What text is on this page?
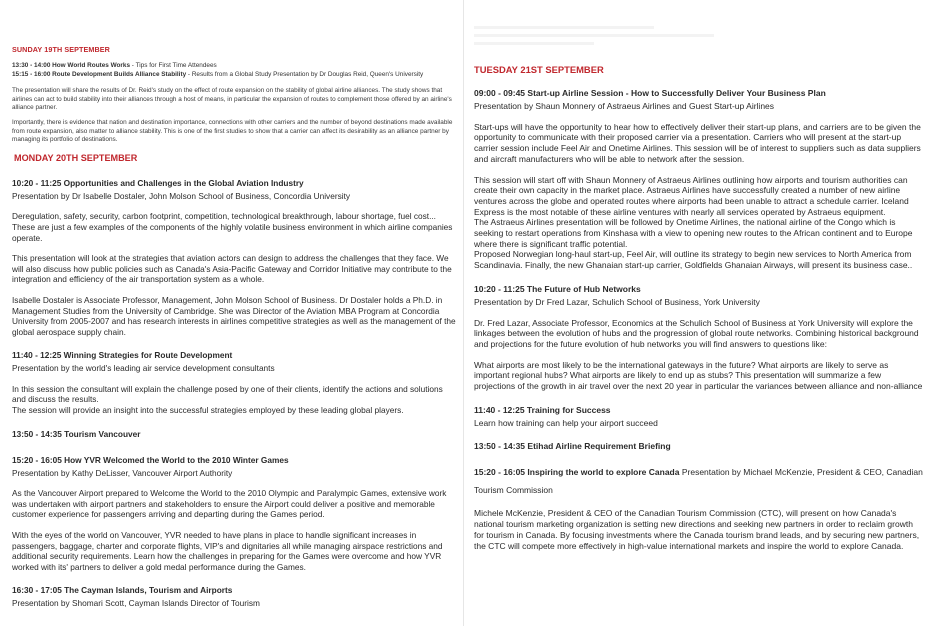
SUNDAY 19TH SEPTEMBER

13:30 - 14:00 How World Routes Works - Tips for First Time Attendees

15:15 - 16:00 Route Development Builds Alliance Stability - Results from a Global Study Presentation by Dr Douglas Reid, Queen's University

The presentation will share the results of Dr. Reid's study on the effect of route expansion on the stability of global airline alliances. The study shows that airlines can act to build stability into their alliances through a host of means, in particular the expansion of routes to complement those offered by an airline's alliance partner.

Importantly, there is evidence that nation and destination importance, connections with other carriers and the number of beyond destinations made available from route expansion, also matter to alliance stability. This is one of the first studies to show that a carrier can affect its desirability as an alliance partner by managing its portfolio of destinations.

MONDAY 20TH SEPTEMBER
10:20 - 11:25 Opportunities and Challenges in the Global Aviation Industry
Presentation by Dr Isabelle Dostaler, John Molson School of Business, Concordia University
Deregulation, safety, security, carbon footprint, competition, technological breakthrough, labour shortage, fuel cost... These are just a few examples of the components of the highly volatile business environment in which airline companies operate.
This presentation will look at the strategies that aviation actors can design to address the challenges that they face. We will also discuss how public policies such as Canada's Asia-Pacific Gateway and Corridor Initiative may contribute to the integration and efficiency of the air transportation system as a whole.
Isabelle Dostaler is Associate Professor, Management, John Molson School of Business. Dr Dostaler holds a Ph.D. in Management Studies from the University of Cambridge. She was Director of the Aviation MBA Program at Concordia University from 2005-2007 and has research interests in airlines competitive strategies as well as the management of the global aerospace supply chain.
11:40 - 12:25 Winning Strategies for Route Development
Presentation by the world's leading air service development consultants
In this session the consultant will explain the challenge posed by one of their clients, identify the actions and solutions and discuss the results.
The session will provide an insight into the successful strategies employed by these leading global players.
13:50 - 14:35 Tourism Vancouver
15:20 - 16:05 How YVR Welcomed the World to the 2010 Winter Games
Presentation by Kathy DeLisser, Vancouver Airport Authority
As the Vancouver Airport prepared to Welcome the World to the 2010 Olympic and Paralympic Games, extensive work was undertaken with airport partners and stakeholders to ensure the Airport could deliver a positive and memorable customer experience for passengers arriving and departing during the Games period.
With the eyes of the world on Vancouver, YVR needed to have plans in place to handle significant increases in passengers, baggage, charter and corporate flights, VIP's and dignitaries all while managing airspace restrictions and additional security requirements. Learn how the challenges in preparing for the Games were overcome and how YVR worked with its' partners to deliver a gold medal performance during the Games.
16:30 - 17:05 The Cayman Islands, Tourism and Airports
Presentation by Shomari Scott, Cayman Islands Director of Tourism
TUESDAY 21ST SEPTEMBER
09:00 - 09:45 Start-up Airline Session - How to Successfully Deliver Your Business Plan
Presentation by Shaun Monnery of Astraeus Airlines and Guest Start-up Airlines
Start-ups will have the opportunity to hear how to effectively deliver their start-up plans, and carriers are to be given the opportunity to communicate with their proposed carrier via a presentation. Carriers who will present at the start-up carrier session include Feel Air and Onetime Airlines. This session will be of interest to suppliers such as data suppliers and aircraft manufacturers who will be able to network after the session.
This session will start off with Shaun Monnery of Astraeus Airlines outlining how airports and tourism authorities can create their own capacity in the market place. Astraeus Airlines have successfully created a number of new airline ventures across the globe and operated routes where airports had been unable to attract a schedule carrier. Iceland Express is the most notable of these airline ventures with nearly all services operated by Astraeus equipment.
The Astraeus Airlines presentation will be followed by Onetime Airlines, the national airline of the Congo which is seeking to restart operations from Kinshasa with a view to opening new routes to the African continent and to Europe where there is significant traffic potential.
Proposed Norwegian long-haul start-up, Feel Air, will outline its strategy to begin new services to North America from Scandinavia. Finally, the new Ghanaian start-up carrier, Goldfields Ghanaian Airways, will present its business case..
10:20 - 11:25 The Future of Hub Networks
Presentation by Dr Fred Lazar, Schulich School of Business, York University
Dr. Fred Lazar, Associate Professor, Economics at the Schulich School of Business at York University will explore the linkages between the evolution of hubs and the progression of global route networks. Combining historical background and projections for the future evolution of hub networks you will find answers to questions like:
What airports are most likely to be the international gateways in the future? What airports are likely to serve as important regional hubs? What airports are likely to end up as stubs? This presentation will summarize a few projections of the growth in air travel over the next 20 year in particular the variances between alliance and non-alliance
11:40 - 12:25 Training for Success
Learn how training can help your airport succeed
13:50 - 14:35 Etihad Airline Requirement Briefing
15:20 - 16:05 Inspiring the world to explore Canada Presentation by Michael McKenzie, President & CEO, Canadian Tourism Commission
Michele McKenzie, President & CEO of the Canadian Tourism Commission (CTC), will present on how Canada's national tourism marketing organization is setting new directions and seeking new partners in order to reclaim growth for tourism in Canada. By focusing investments where the Canada tourism brand leads, and by securing new partners, the CTC will compete more effectively in high-value international markets and inspire the world to explore Canada.
